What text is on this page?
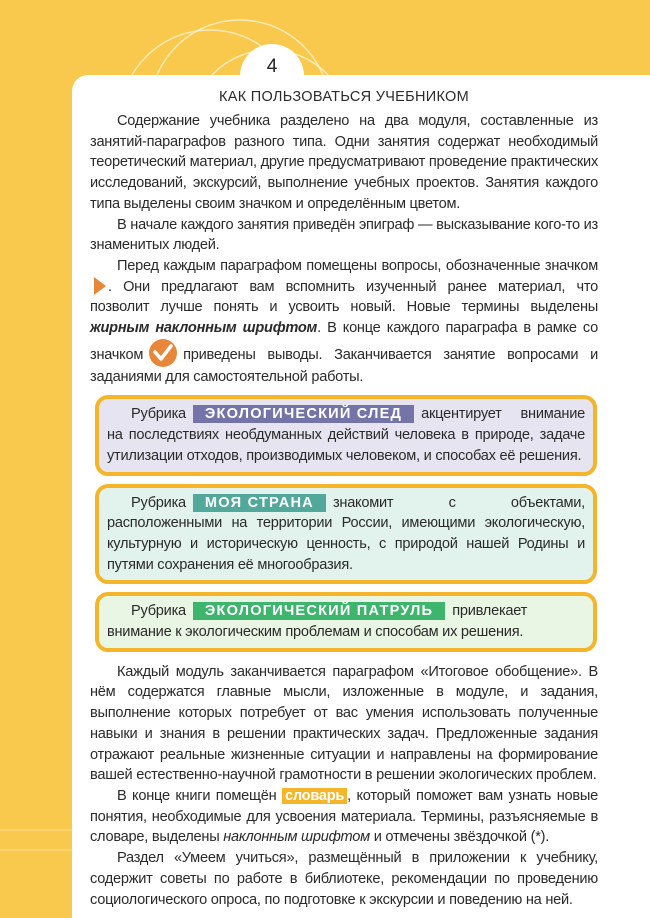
4
КАК ПОЛЬЗОВАТЬСЯ УЧЕБНИКОМ

Содержание учебника разделено на два модуля, составленные из занятий-параграфов разного типа. Одни занятия содержат необходимый теоретический материал, другие предусматривают проведение практических исследований, экскурсий, выполнение учебных проектов. Занятия каждого типа выделены своим значком и определённым цветом.

В начале каждого занятия приведён эпиграф — высказывание кого-то из знаменитых людей.

Перед каждым параграфом помещены вопросы, обозначенные значком. Они предлагают вам вспомнить изученный ранее материал, что позволит лучше понять и усвоить новый. Новые термины выделены жирным наклонным шрифтом. В конце каждого параграфа в рамке со значком	приведены выводы. Заканчивается занятие вопросами и заданиями для самостоятельной работы.

Рубрика ЭКОЛОГИЧЕСКИЙ СЛЕД акцентирует внимание на последствиях необдуманных действий человека в природе, задаче утилизации отходов, производимых человеком, и способах её решения.

Рубрика МОЯ СТРАНА знакомит с объектами, расположенными на территории России, имеющими экологическую, культурную и историческую ценность, с природой нашей Родины и путями сохранения её многообразия.

Рубрика ЭКОЛОГИЧЕСКИЙ ПАТРУЛЬ привлекает внимание к экологическим проблемам и способам их решения.

Каждый модуль заканчивается параграфом «Итоговое обобщение». В нём содержатся главные мысли, изложенные в модуле, и задания, выполнение которых потребует от вас умения использовать полученные навыки и знания в решении практических задач. Предложенные задания отражают реальные жизненные ситуации и направлены на формирование вашей естественно-научной грамотности в решении экологических проблем.

В конце книги помещён словарь , который поможет вам узнать новые понятия, необходимые для усвоения материала. Термины, разъясняемые в словаре, выделены наклонным шрифтом и отмечены звёздочкой (*).

Раздел «Умеем учиться», размещённый в приложении к учебнику, содержит советы по работе в библиотеке, рекомендации по проведению социологического опроса, по подготовке к экскурсии и поведению на ней.
